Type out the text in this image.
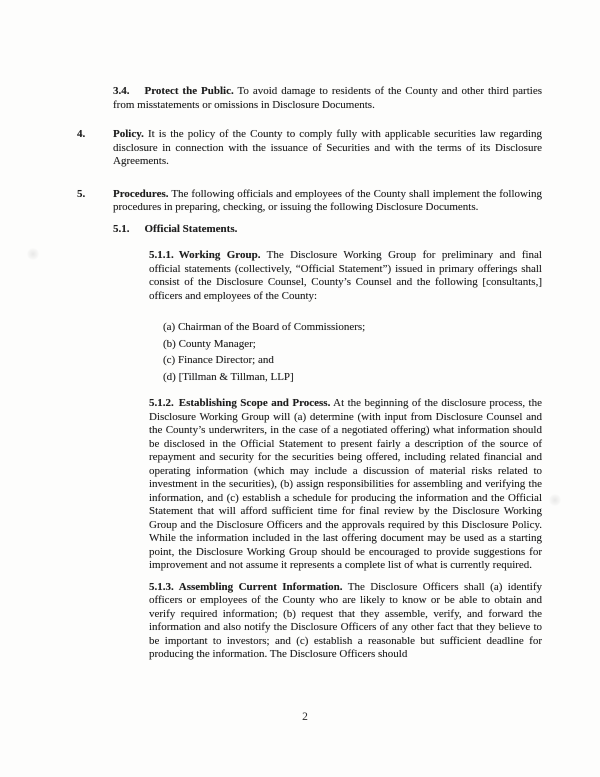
3.4. Protect the Public. To avoid damage to residents of the County and other third parties from misstatements or omissions in Disclosure Documents.
4.	Policy. It is the policy of the County to comply fully with applicable securities law regarding disclosure in connection with the issuance of Securities and with the terms of its Disclosure Agreements.
5.	Procedures. The following officials and employees of the County shall implement the following procedures in preparing, checking, or issuing the following Disclosure Documents.
5.1. Official Statements.
5.1.1. Working Group. The Disclosure Working Group for preliminary and final official statements (collectively, “Official Statement”) issued in primary offerings shall consist of the Disclosure Counsel, County’s Counsel and the following [consultants,] officers and employees of the County:
(a) Chairman of the Board of Commissioners;
(b) County Manager;
(c) Finance Director; and
(d) [Tillman & Tillman, LLP]
5.1.2. Establishing Scope and Process. At the beginning of the disclosure process, the Disclosure Working Group will (a) determine (with input from Disclosure Counsel and the County’s underwriters, in the case of a negotiated offering) what information should be disclosed in the Official Statement to present fairly a description of the source of repayment and security for the securities being offered, including related financial and operating information (which may include a discussion of material risks related to investment in the securities), (b) assign responsibilities for assembling and verifying the information, and (c) establish a schedule for producing the information and the Official Statement that will afford sufficient time for final review by the Disclosure Working Group and the Disclosure Officers and the approvals required by this Disclosure Policy. While the information included in the last offering document may be used as a starting point, the Disclosure Working Group should be encouraged to provide suggestions for improvement and not assume it represents a complete list of what is currently required.
5.1.3. Assembling Current Information. The Disclosure Officers shall (a) identify officers or employees of the County who are likely to know or be able to obtain and verify required information; (b) request that they assemble, verify, and forward the information and also notify the Disclosure Officers of any other fact that they believe to be important to investors; and (c) establish a reasonable but sufficient deadline for producing the information. The Disclosure Officers should
2
